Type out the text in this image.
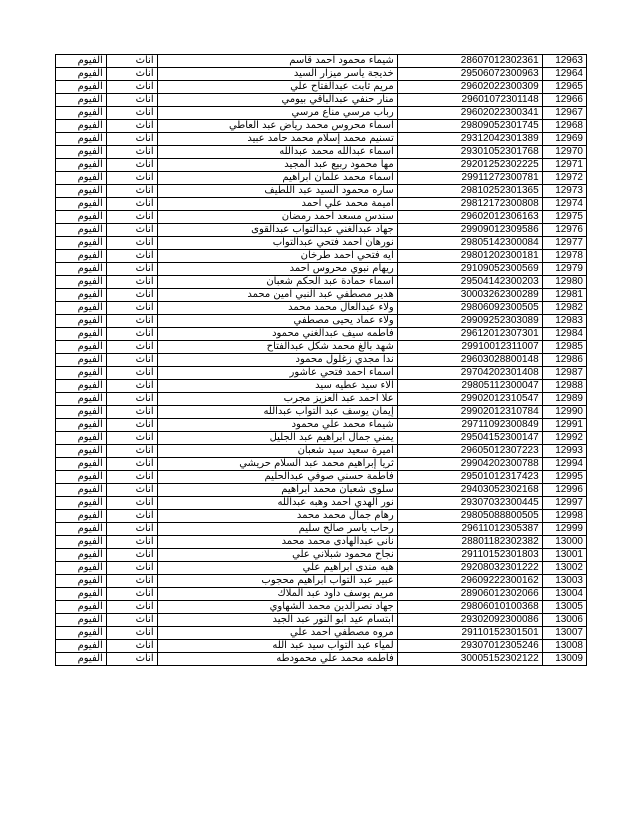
الفيوم	اناث	شيماء محمود احمد قاسم	28607012302361	12963
الفيوم	اناث	خديجة ياسر ميزار السيد	29506072300963	12964
الفيوم	اناث	مريم ثابت عبدالفتاح علي	29602022300309	12965
الفيوم	اناث	منار حنفي عبدالباقي بيومي	29601072301148	12966
الفيوم	اناث	رباب مرسي مناع مرسي	29602022300341	12967
الفيوم	اناث	اسماء محروس محمد رياض عبد العاطي	29809052301745	12968
الفيوم	اناث	تسنيم محمد إسلام محمد حامد عبيد	29312042301389	12969
الفيوم	اناث	اسماء عبدالله محمد عبدالله	29301052301768	12970
الفيوم	اناث	مها محمود ربيع عبد المجيد	29201252302225	12971
الفيوم	اناث	اسماء محمد علمان ابراهيم	29911272300781	12972
الفيوم	اناث	ساره محمود السيد عبد اللطيف	29810252301365	12973
الفيوم	اناث	اميمة محمد علي احمد	29812172300808	12974
الفيوم	اناث	سندس مسعد احمد رمضان	29602012306163	12975
الفيوم	اناث	جهاد عبدالغني عبدالتواب عبدالقوى	29909012309586	12976
الفيوم	اناث	نورهان احمد فتحي عبدالتواب	29805142300084	12977
الفيوم	اناث	ايه فتحي احمد طرخان	29801202300181	12978
الفيوم	اناث	ريهام نبوي محروس احمد	29109052300569	12979
الفيوم	اناث	اسماء حمادة عبد الحكم شعبان	29504142300203	12980
الفيوم	اناث	هدير مصطفي عبد النبي امين محمد	30003262300289	12981
الفيوم	اناث	ولاء عبدالعال محمد محمد	29806092300505	12982
الفيوم	اناث	ولاء عماد يحيى مصطفي	29909252303089	12983
الفيوم	اناث	فاطمه سيف عبدالغني محمود	29612012307301	12984
الفيوم	اناث	شهد بالغ محمد شكل عبدالفتاح	29910012311007	12985
الفيوم	اناث	ندا مجدي زغلول محمود	29603028800148	12986
الفيوم	اناث	اسماء احمد فتحي عاشور	29704202301408	12987
الفيوم	اناث	الاء سيد عطيه سيد	29805112300047	12988
الفيوم	اناث	علا احمد عبد العزيز مجرب	29902012310547	12989
الفيوم	اناث	إيمان يوسف عبد التواب عبدالله	29902012310784	12990
الفيوم	اناث	شيماء محمد علي محمود	29711092300849	12991
الفيوم	اناث	يمني جمال ابراهيم عبد الجليل	29504152300147	12992
الفيوم	اناث	اميرة سعيد سيد شعبان	29605012307223	12993
الفيوم	اناث	ثريا إبراهيم محمد عبد السلام حريشي	29904202300788	12994
الفيوم	اناث	فاطمة حسني صوفي عبدالحليم	29501012317423	12995
الفيوم	اناث	سلوى شعبان محمد ابراهيم	29403052302168	12996
الفيوم	اناث	نور الهدي احمد وهبه عبدالله	29307032300445	12997
الفيوم	اناث	رهام جمال محمد محمد	29805088800505	12998
الفيوم	اناث	رحاب ياسر صالح سليم	29611012305387	12999
الفيوم	اناث	نانى عبدالهادى محمد محمد	28801182302382	13000
الفيوم	اناث	نجاح محمود شبلاني علي	29110152301803	13001
الفيوم	اناث	هبه مندى ابراهيم علي	29208032301222	13002
الفيوم	اناث	عبير عبد التواب ابراهيم محجوب	29609222300162	13003
الفيوم	اناث	مريم يوسف داود عبد الملاك	28906012302066	13004
الفيوم	اناث	جهاد نصرالدين محمد الشهاوي	29806010100368	13005
الفيوم	اناث	ابتسام عيد ابو النور عبد الجيد	29302092300086	13006
الفيوم	اناث	مروه مصطفي احمد علي	29110152301501	13007
الفيوم	اناث	لمياء عبد التواب سيد عبد الله	29307012305246	13008
الفيوم	اناث	فاطمه محمد علي محمودطه	30005152302122	13009
